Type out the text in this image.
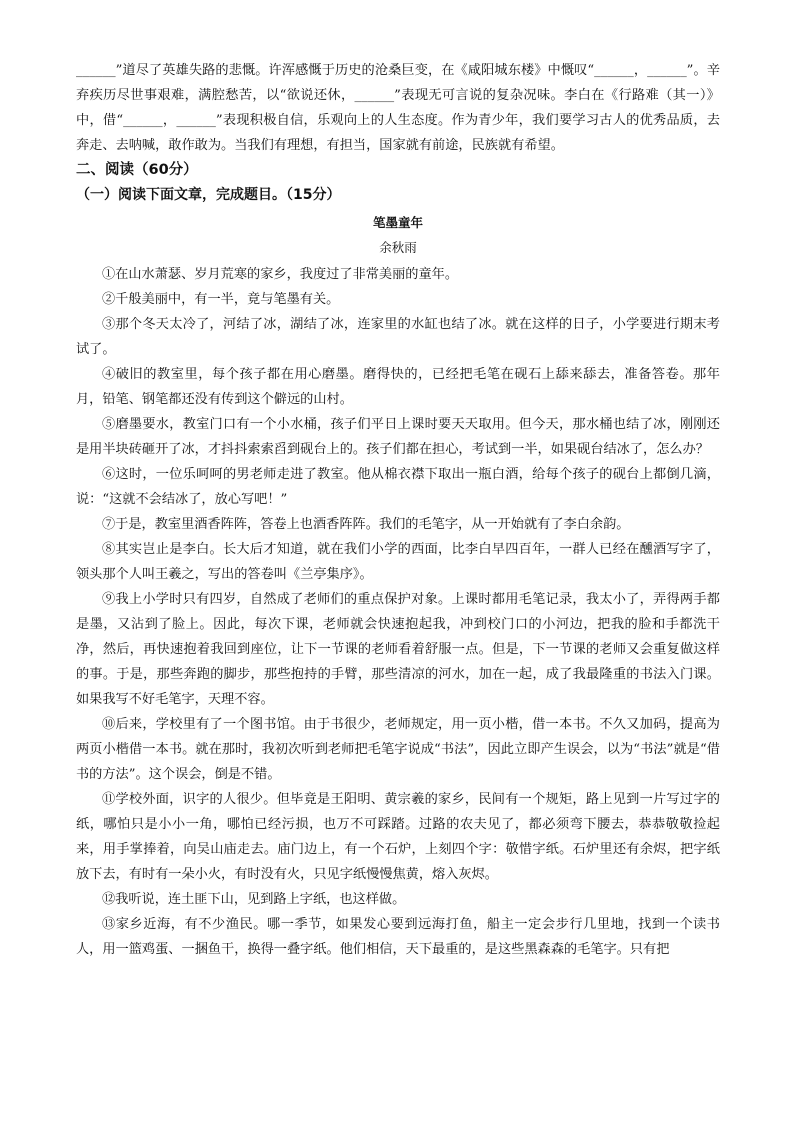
______”道尽了英雄失路的悲慨。许浑感慨于历史的沧桑巨变，在《咸阳城东楼》中慨叹“______，______”。辛弃疾历尽世事艰难，满腔愁苦，以“欲说还休，______”表现无可言说的复杂况味。李白在《行路难（其一）》中，借“______，______”表现积极自信，乐观向上的人生态度。作为青少年，我们要学习古人的优秀品质，去奔走、去呐喊，敢作敢为。当我们有理想，有担当，国家就有前途，民族就有希望。

二、阅读（60分）

（一）阅读下面文章，完成题目。（15分）

笔墨童年

余秋雨

①在山水萧瑟、岁月荒寒的家乡，我度过了非常美丽的童年。

②千般美丽中，有一半，竟与笔墨有关。

③那个冬天太冷了，河结了冰，湖结了冰，连家里的水缸也结了冰。就在这样的日子，小学要进行期末考试了。

④破旧的教室里，每个孩子都在用心磨墨。磨得快的，已经把毛笔在砚石上舔来舔去，准备答卷。那年月，铅笔、钢笔都还没有传到这个僻远的山村。

⑤磨墨要水，教室门口有一个小水桶，孩子们平日上课时要天天取用。但今天，那水桶也结了冰，刚刚还是用半块砖砸开了冰，才抖抖索索舀到砚台上的。孩子们都在担心，考试到一半，如果砚台结冰了，怎么办？

⑥这时，一位乐呵呵的男老师走进了教室。他从棉衣襟下取出一瓶白酒，给每个孩子的砚台上都倒几滴，说：“这就不会结冰了，放心写吧！”

⑦于是，教室里酒香阵阵，答卷上也酒香阵阵。我们的毛笔字，从一开始就有了李白余韵。

⑧其实岂止是李白。长大后才知道，就在我们小学的西面，比李白早四百年，一群人已经在醺酒写字了，领头那个人叫王羲之，写出的答卷叫《兰亭集序》。

⑨我上小学时只有四岁，自然成了老师们的重点保护对象。上课时都用毛笔记录，我太小了，弄得两手都是墨，又沾到了脸上。因此，每次下课，老师就会快速抱起我，冲到校门口的小河边，把我的脸和手都洗干净，然后，再快速抱着我回到座位，让下一节课的老师看着舒服一点。但是，下一节课的老师又会重复做这样的事。于是，那些奔跑的脚步，那些抱持的手臂，那些清凉的河水，加在一起，成了我最隆重的书法入门课。如果我写不好毛笔字，天理不容。

⑩后来，学校里有了一个图书馆。由于书很少，老师规定，用一页小楷，借一本书。不久又加码，提高为两页小楷借一本书。就在那时，我初次听到老师把毛笔字说成“书法”，因此立即产生误会，以为“书法”就是“借书的方法”。这个误会，倒是不错。

⑪学校外面，识字的人很少。但毕竟是王阳明、黄宗羲的家乡，民间有一个规矩，路上见到一片写过字的纸，哪怕只是小小一角，哪怕已经污损，也万不可踩踏。过路的农夫见了，都必须弯下腰去，恭恭敬敬捡起来，用手掌捧着，向吴山庙走去。庙门边上，有一个石炉，上刻四个字：敬惜字纸。石炉里还有余烬，把字纸放下去，有时有一朵小火，有时没有火，只见字纸慢慢焦黄，熔入灰烬。

⑫我听说，连土匪下山，见到路上字纸，也这样做。

⑬家乡近海，有不少渔民。哪一季节，如果发心要到远海打鱼，船主一定会步行几里地，找到一个读书人，用一篮鸡蛋、一捆鱼干，换得一叠字纸。他们相信，天下最重的，是这些黑森森的毛笔字。只有把
